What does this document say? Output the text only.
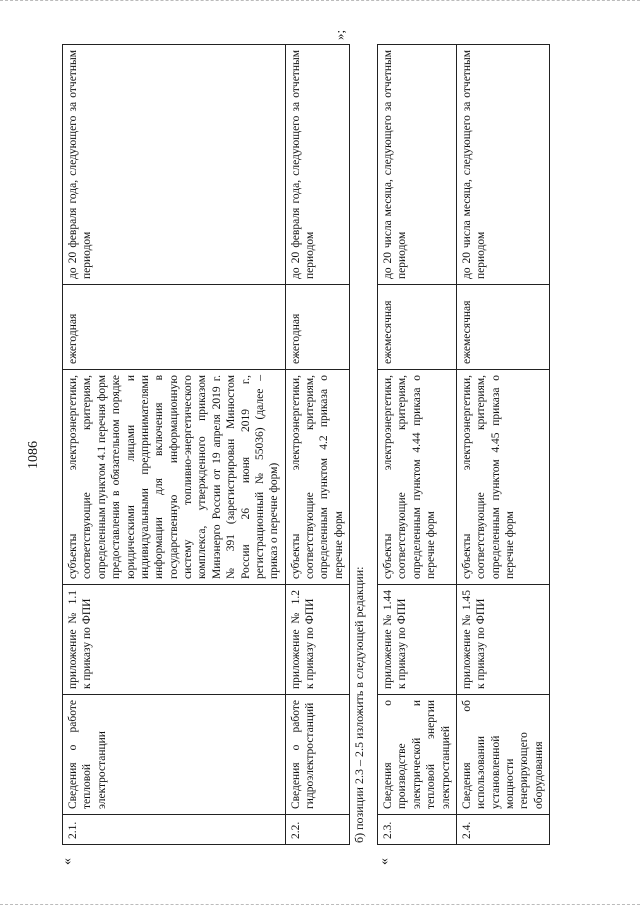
1086
«
2.1.	Сведения о работе тепловой электростанции	приложение № 1.1 к приказу по ФПИ	субъекты электроэнергетики, соответствующие критериям, определенным пунктом 4.1 перечня форм предоставления в обязательном порядке юридическими лицами и индивидуальными предпринимателями информации для включения в государственную информационную систему топливно-энергетического комплекса, утвержденного приказом Минэнерго России от 19 апреля 2019 г. № 391 (зарегистрирован Минюстом России 26 июня 2019 г., регистрационный № 55036) (далее – приказ о перечне форм)	ежегодная	до 20 февраля года, следующего за отчетным периодом
2.2.	Сведения о работе гидроэлектростанций	приложение № 1.2 к приказу по ФПИ	субъекты электроэнергетики, соответствующие критериям, определенным пунктом 4.2 приказа о перечне форм	ежегодная	до 20 февраля года, следующего за отчетным периодом
»;
б) позиции 2.3 – 2.5 изложить в следующей редакции:
«
2.3.	Сведения о производстве электрической и тепловой энергии электростанцией	приложение № 1.44 к приказу по ФПИ	субъекты электроэнергетики, соответствующие критериям, определенным пунктом 4.44 приказа о перечне форм	ежемесячная	до 20 числа месяца, следующего за отчетным периодом
2.4.	Сведения об использовании установленной мощности генерирующего оборудования	приложение № 1.45 к приказу по ФПИ	субъекты электроэнергетики, соответствующие критериям, определенным пунктом 4.45 приказа о перечне форм	ежемесячная	до 20 числа месяца, следующего за отчетным периодом
